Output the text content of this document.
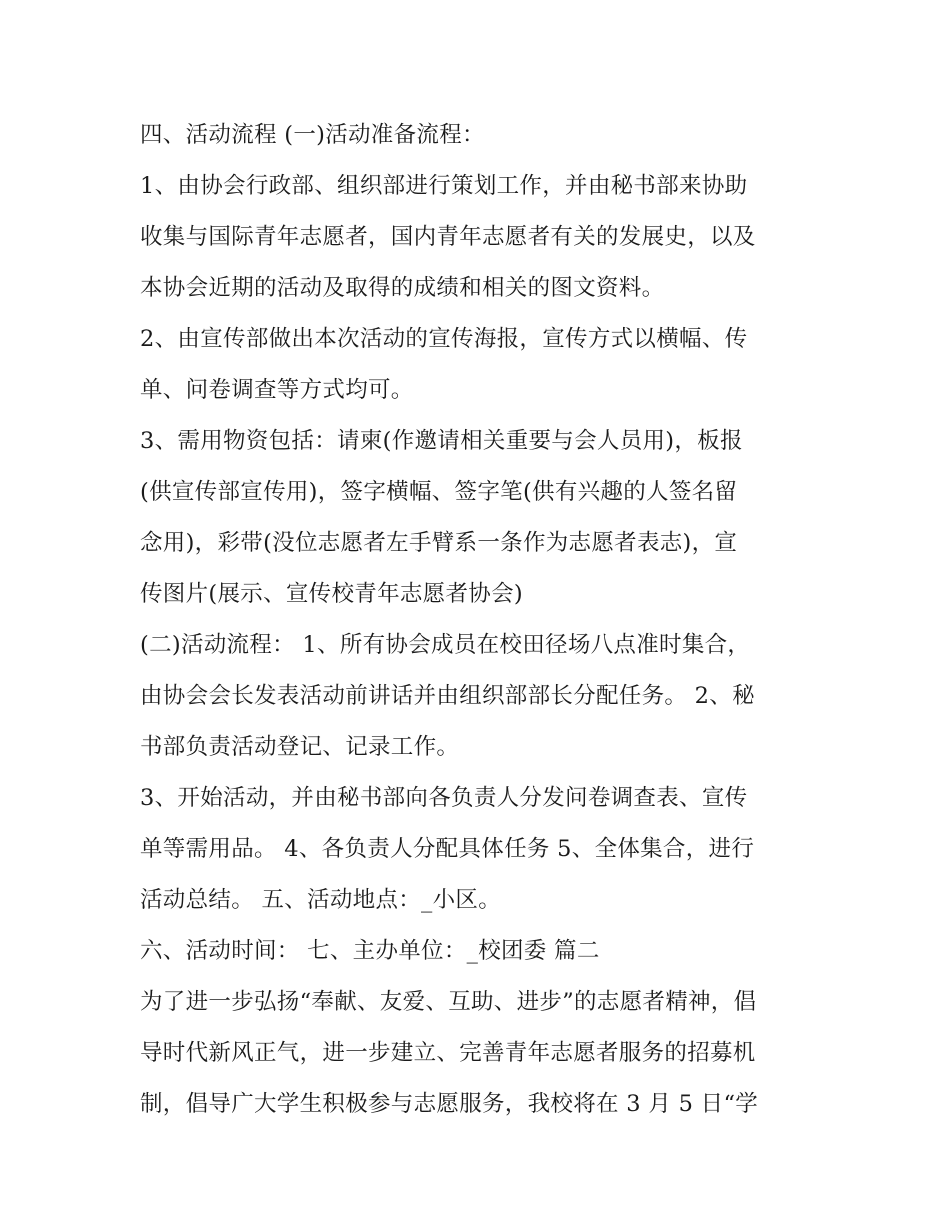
四、活动流程 (一)活动准备流程：
1、由协会行政部、组织部进行策划工作，并由秘书部来协助
收集与国际青年志愿者，国内青年志愿者有关的发展史，以及
本协会近期的活动及取得的成绩和相关的图文资料。
2、由宣传部做出本次活动的宣传海报，宣传方式以横幅、传
单、问卷调查等方式均可。
3、需用物资包括：请柬(作邀请相关重要与会人员用)，板报
(供宣传部宣传用)，签字横幅、签字笔(供有兴趣的人签名留
念用)，彩带(没位志愿者左手臂系一条作为志愿者表志)，宣
传图片(展示、宣传校青年志愿者协会)
(二)活动流程： 1、所有协会成员在校田径场八点准时集合，
由协会会长发表活动前讲话并由组织部部长分配任务。 2、秘
书部负责活动登记、记录工作。
3、开始活动，并由秘书部向各负责人分发问卷调查表、宣传
单等需用品。 4、各负责人分配具体任务 5、全体集合，进行
活动总结。 五、活动地点：_小区。
六、活动时间： 七、主办单位：_校团委 篇二
为了进一步弘扬“奉献、友爱、互助、进步”的志愿者精神，倡
导时代新风正气，进一步建立、完善青年志愿者服务的招募机
制，倡导广大学生积极参与志愿服务，我校将在 3 月 5 日“学
